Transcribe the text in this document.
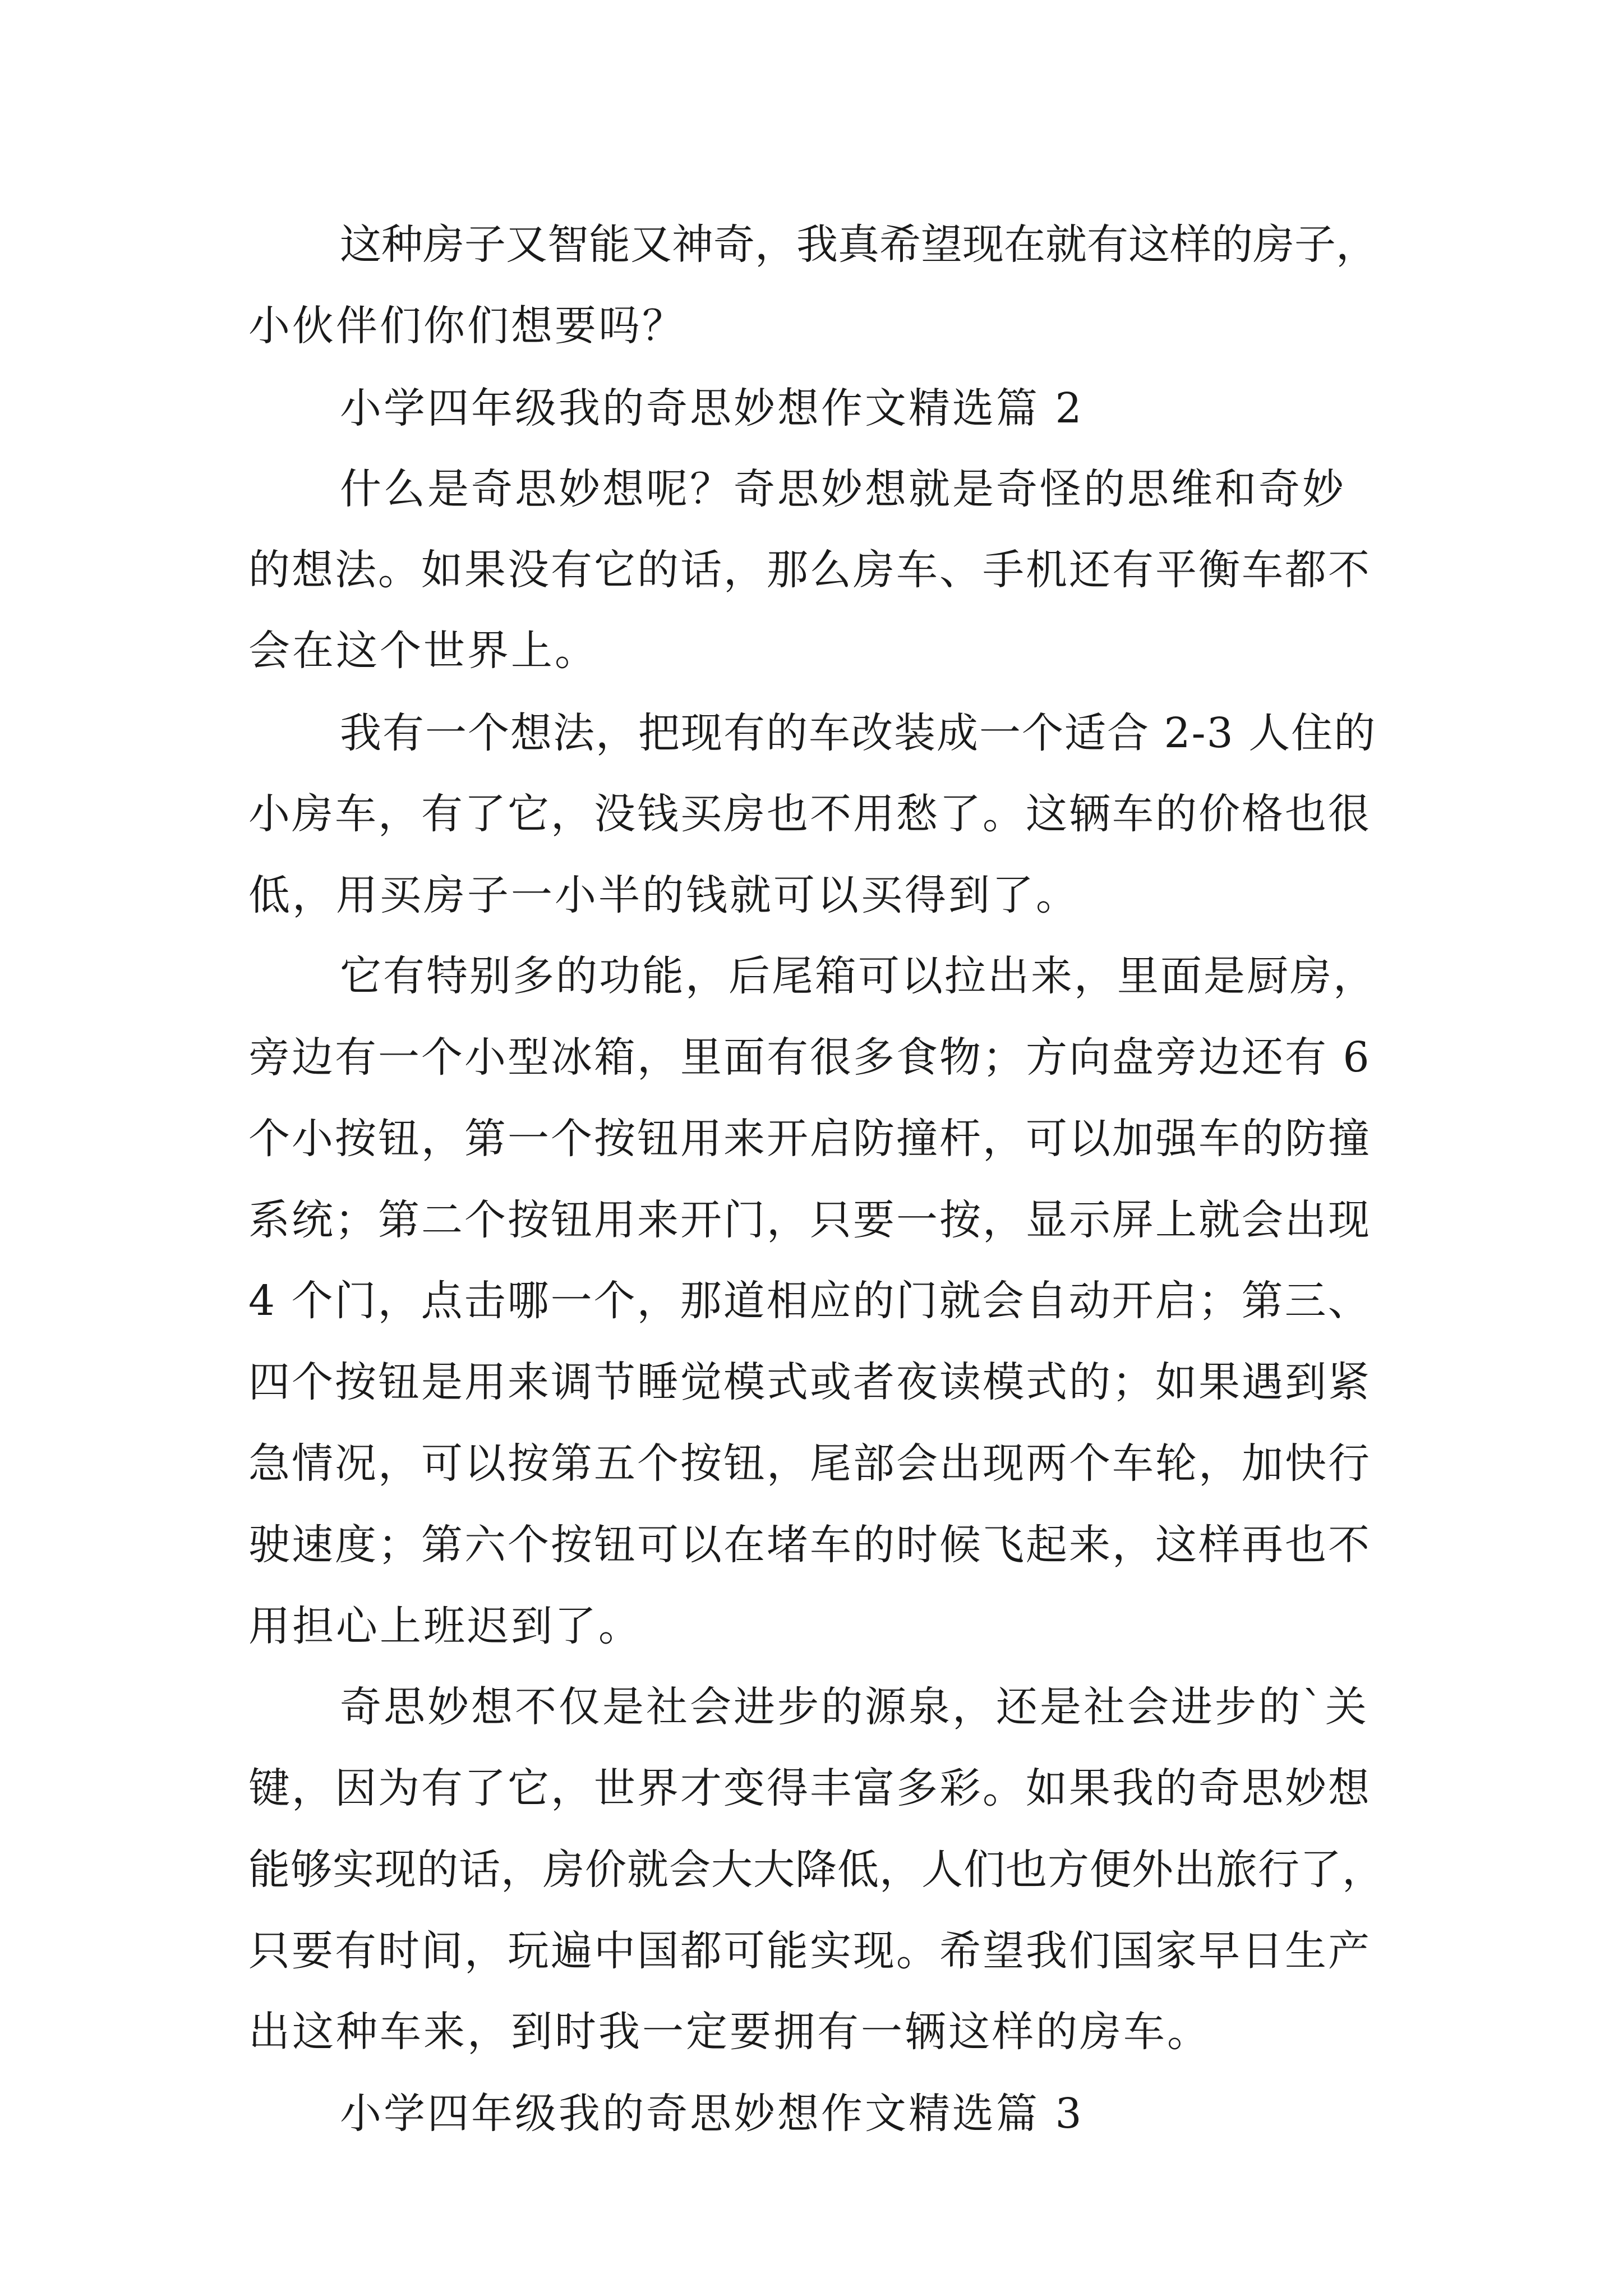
这种房子又智能又神奇，我真希望现在就有这样的房子，
小伙伴们你们想要吗？
小学四年级我的奇思妙想作文精选篇 2
什么是奇思妙想呢？奇思妙想就是奇怪的思维和奇妙
的想法。如果没有它的话，那么房车、手机还有平衡车都不
会在这个世界上。
我有一个想法，把现有的车改装成一个适合 2-3 人住的
小房车，有了它，没钱买房也不用愁了。这辆车的价格也很
低，用买房子一小半的钱就可以买得到了。
它有特别多的功能，后尾箱可以拉出来，里面是厨房，
旁边有一个小型冰箱，里面有很多食物；方向盘旁边还有 6
个小按钮，第一个按钮用来开启防撞杆，可以加强车的防撞
系统；第二个按钮用来开门，只要一按，显示屏上就会出现
4 个门，点击哪一个，那道相应的门就会自动开启；第三、
四个按钮是用来调节睡觉模式或者夜读模式的；如果遇到紧
急情况，可以按第五个按钮，尾部会出现两个车轮，加快行
驶速度；第六个按钮可以在堵车的时候飞起来，这样再也不
用担心上班迟到了。
奇思妙想不仅是社会进步的源泉，还是社会进步的`关
键，因为有了它，世界才变得丰富多彩。如果我的奇思妙想
能够实现的话，房价就会大大降低，人们也方便外出旅行了，
只要有时间，玩遍中国都可能实现。希望我们国家早日生产
出这种车来，到时我一定要拥有一辆这样的房车。
小学四年级我的奇思妙想作文精选篇 3
